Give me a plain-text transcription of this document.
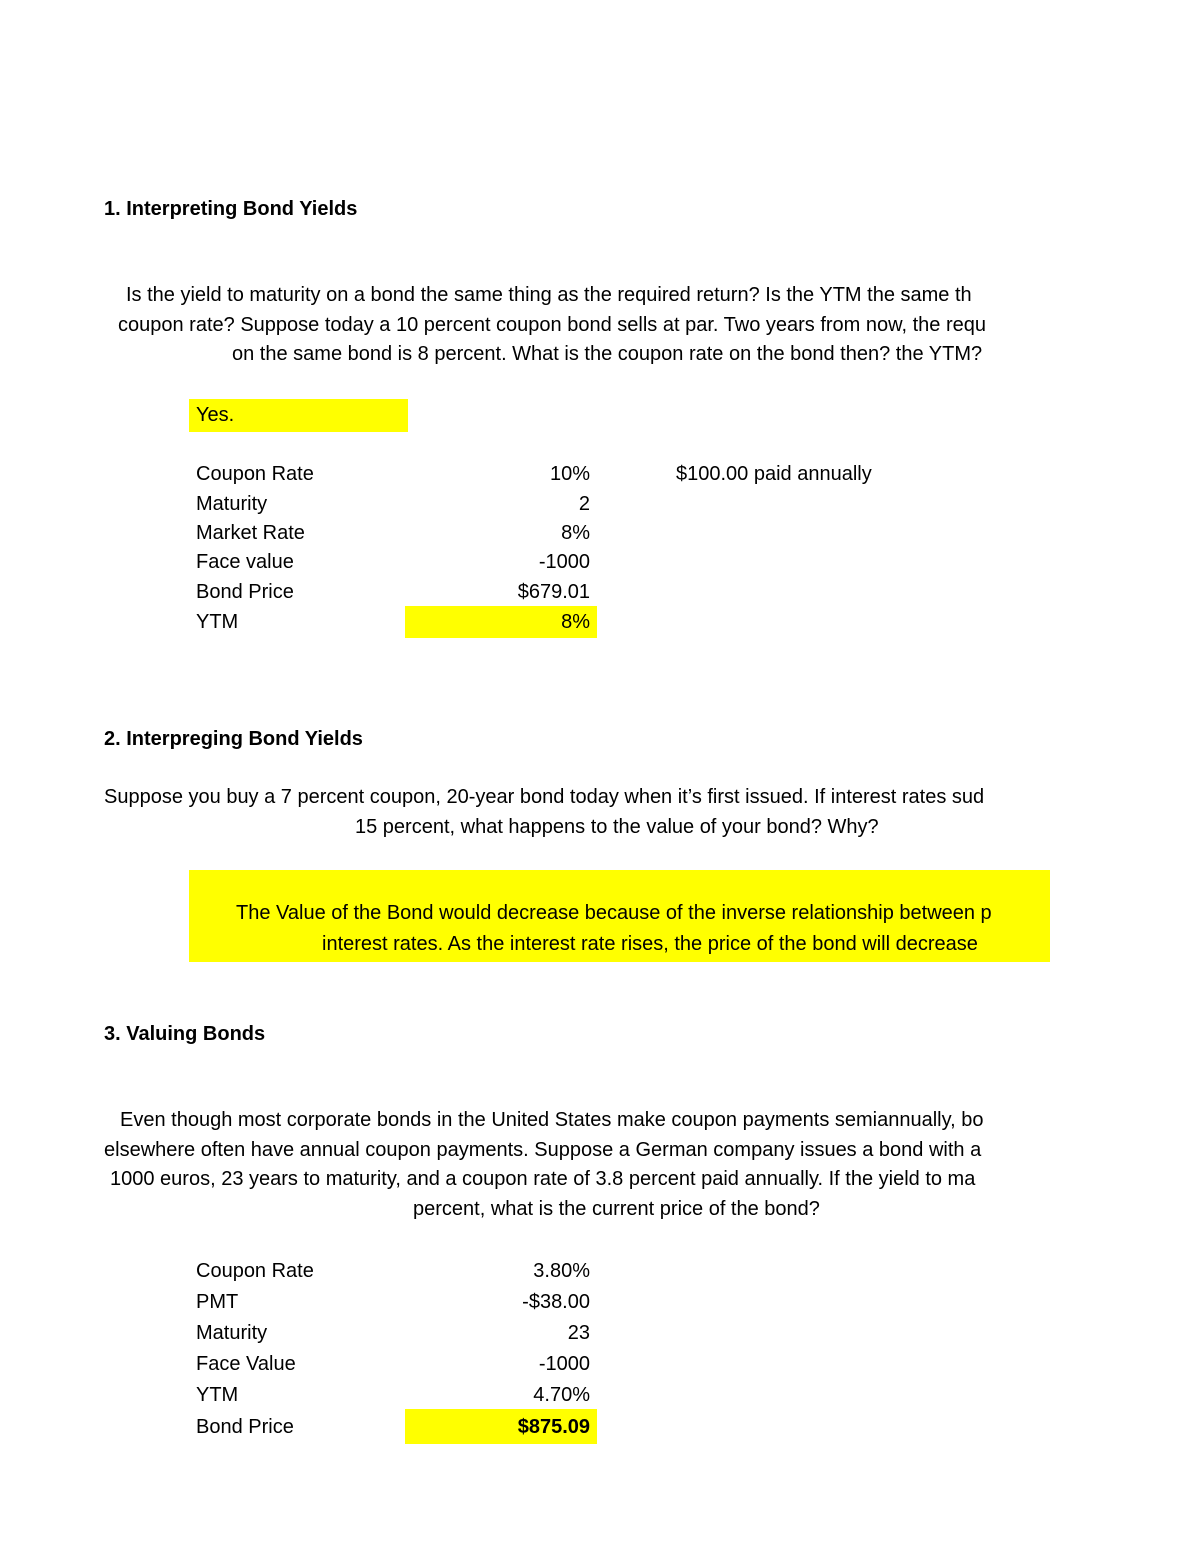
1. Interpreting Bond Yields
Is the yield to maturity on a bond the same thing as the required return? Is the YTM the same th
coupon rate? Suppose today a 10 percent coupon bond sells at par. Two years from now, the requ
on the same bond is 8 percent. What is the coupon rate on the bond then? the YTM?
Yes.
Coupon Rate	10%	$100.00 paid annually
Maturity	2
Market Rate	8%
Face value	-1000
Bond Price	$679.01
YTM	8%
2. Interpreging Bond Yields
Suppose you buy a 7 percent coupon, 20-year bond today when it’s first issued. If interest rates sud
15 percent, what happens to the value of your bond? Why?
The Value of the Bond would decrease because of the inverse relationship between p
interest rates. As the interest rate rises, the price of the bond will decrease
3. Valuing Bonds
Even though most corporate bonds in the United States make coupon payments semiannually, bo
elsewhere often have annual coupon payments. Suppose a German company issues a bond with a
1000 euros, 23 years to maturity, and a coupon rate of 3.8 percent paid annually. If the yield to ma
percent, what is the current price of the bond?
Coupon Rate	3.80%
PMT	-$38.00
Maturity	23
Face Value	-1000
YTM	4.70%
Bond Price	$875.09
